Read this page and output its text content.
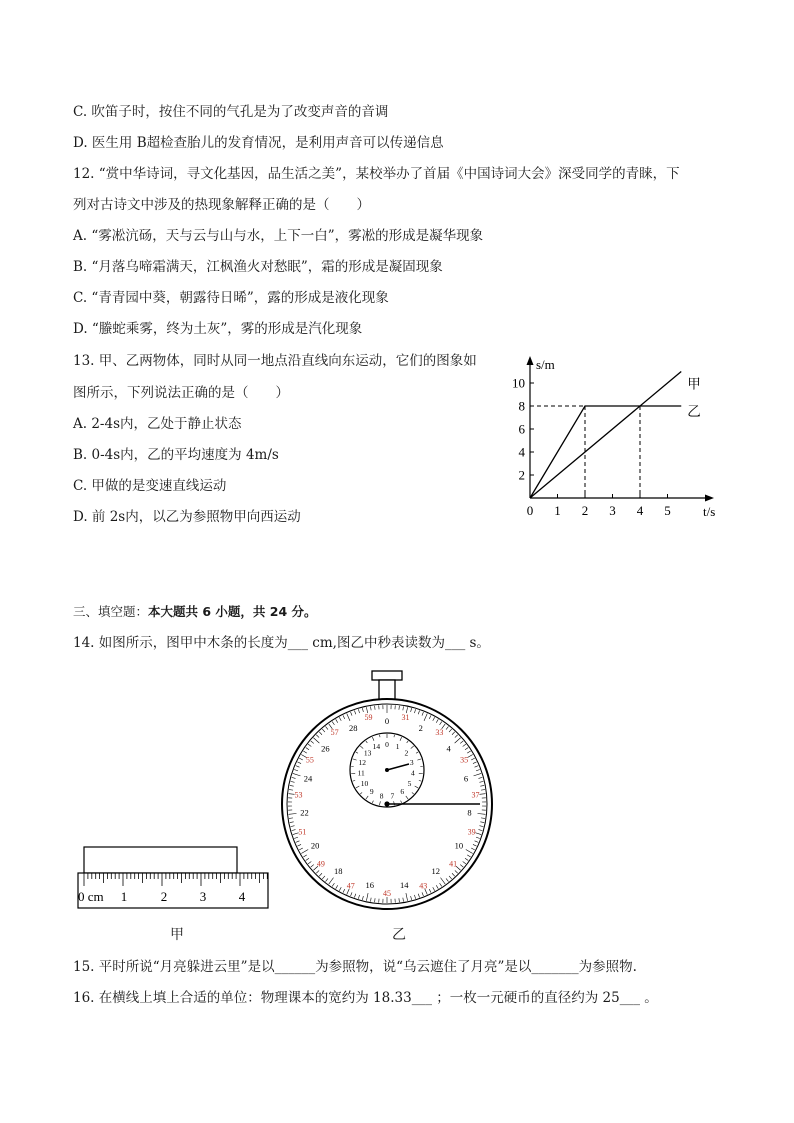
C. 吹笛子时，按住不同的气孔是为了改变声音的音调
D. 医生用 B超检查胎儿的发育情况，是利用声音可以传递信息
12. “赏中华诗词，寻文化基因，品生活之美”，某校举办了首届《中国诗词大会》深受同学的青睐，下
列对古诗文中涉及的热现象解释正确的是（　　）
A. “雾凇沆砀，天与云与山与水，上下一白”，雾凇的形成是凝华现象
B. “月落乌啼霜满天，江枫渔火对愁眠”，霜的形成是凝固现象
C. “青青园中葵，朝露待日晞”，露的形成是液化现象
D. “螣蛇乘雾，终为土灰”，雾的形成是汽化现象
13. 甲、乙两物体，同时从同一地点沿直线向东运动，它们的图象如
图所示，下列说法正确的是（　　）
A. 2-4s内，乙处于静止状态
B. 0-4s内，乙的平均速度为 4m/s
C. 甲做的是变速直线运动
D. 前 2s内，以乙为参照物甲向西运动
三、填空题：本大题共 6 小题，共 24 分。
14. 如图所示，图甲中木条的长度为___ cm,图乙中秒表读数为___ s。
15. 平时所说“月亮躲进云里”是以______为参照物，说“乌云遮住了月亮”是以_______为参照物.
16. 在横线上填上合适的单位：物理课本的宽约为 18.33___ ；一枚一元硬币的直径约为 25___ 。
s/m
t/s
0 1 2 3 4 5
2
4
6
8
10	甲
乙
0 cm 1	2	3	4
甲
0 31
2 33
4
35
6
37
8
39
10
41
12
43
14
45
16
47
18
49
20
51
22
53
24
55
26
57 28
59
0 1
2
3
4
5
6
7
8
9
10
11
12
13
14
乙
